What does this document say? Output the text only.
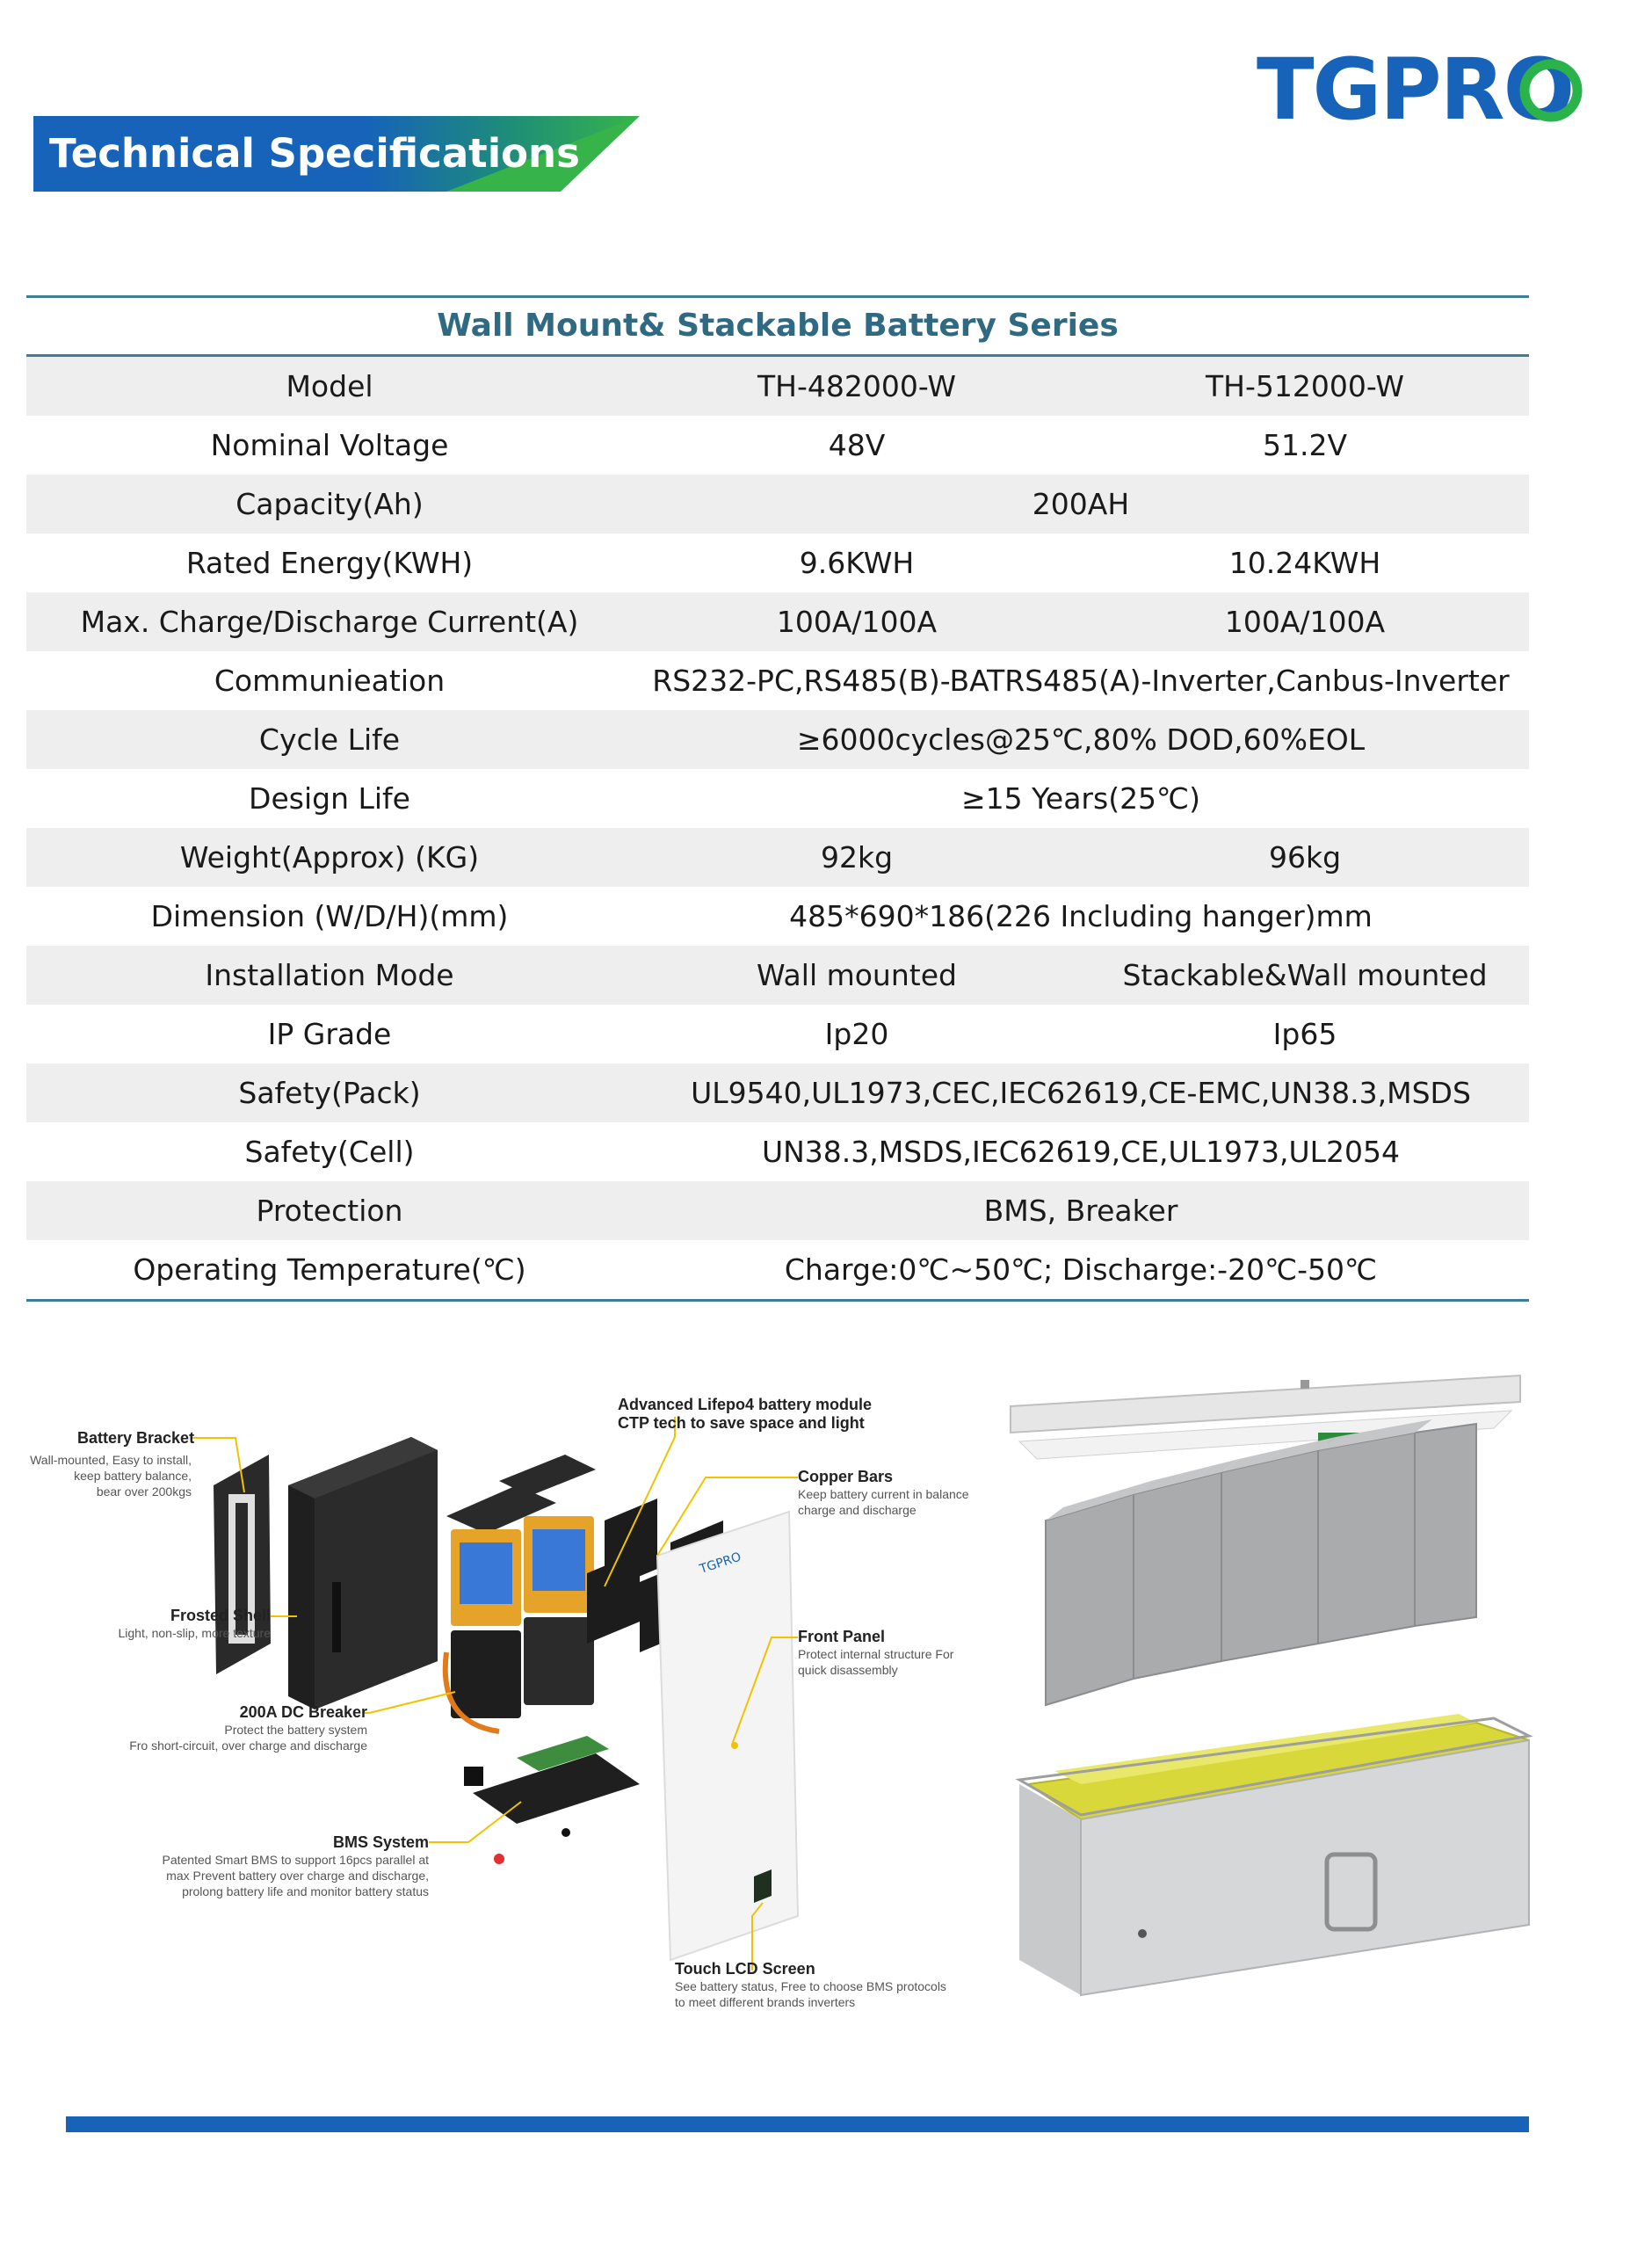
TGPRO
Technical Specifications
Wall Mount& Stackable Battery Series
Model	TH-482000-W	TH-512000-W
Nominal Voltage	48V	51.2V
Capacity(Ah)	200AH
Rated Energy(KWH)	9.6KWH	10.24KWH
Max. Charge/Discharge Current(A)	100A/100A	100A/100A
Communieation	RS232-PC,RS485(B)-BATRS485(A)-Inverter,Canbus-Inverter
Cycle Life	≥6000cycles@25℃,80% DOD,60%EOL
Design Life	≥15 Years(25℃)
Weight(Approx) (KG)	92kg	96kg
Dimension (W/D/H)(mm)	485*690*186(226 Including hanger)mm
Installation Mode	Wall mounted	Stackable&Wall mounted
IP Grade	Ip20	Ip65
Safety(Pack)	UL9540,UL1973,CEC,IEC62619,CE-EMC,UN38.3,MSDS
Safety(Cell)	UN38.3,MSDS,IEC62619,CE,UL1973,UL2054
Protection	BMS, Breaker
Operating Temperature(℃)	Charge:0℃~50℃; Discharge:-20℃-50℃
TGPRO
Battery Bracket
Wall-mounted, Easy to install,
keep battery balance,
bear over 200kgs
Frosted Shell
Light, non-slip, more texture
200A DC Breaker
Protect the battery system
Fro short-circuit, over charge and discharge
BMS System
Patented Smart BMS to support 16pcs parallel at
max Prevent battery over charge and discharge,
prolong battery life and monitor battery status
Advanced Lifepo4 battery module
CTP tech to save space and light
Copper Bars
Keep battery current in balance
charge and discharge
Front Panel
Protect internal structure For
quick disassembly
Touch LCD Screen
See battery status, Free to choose BMS protocols
to meet different brands inverters
